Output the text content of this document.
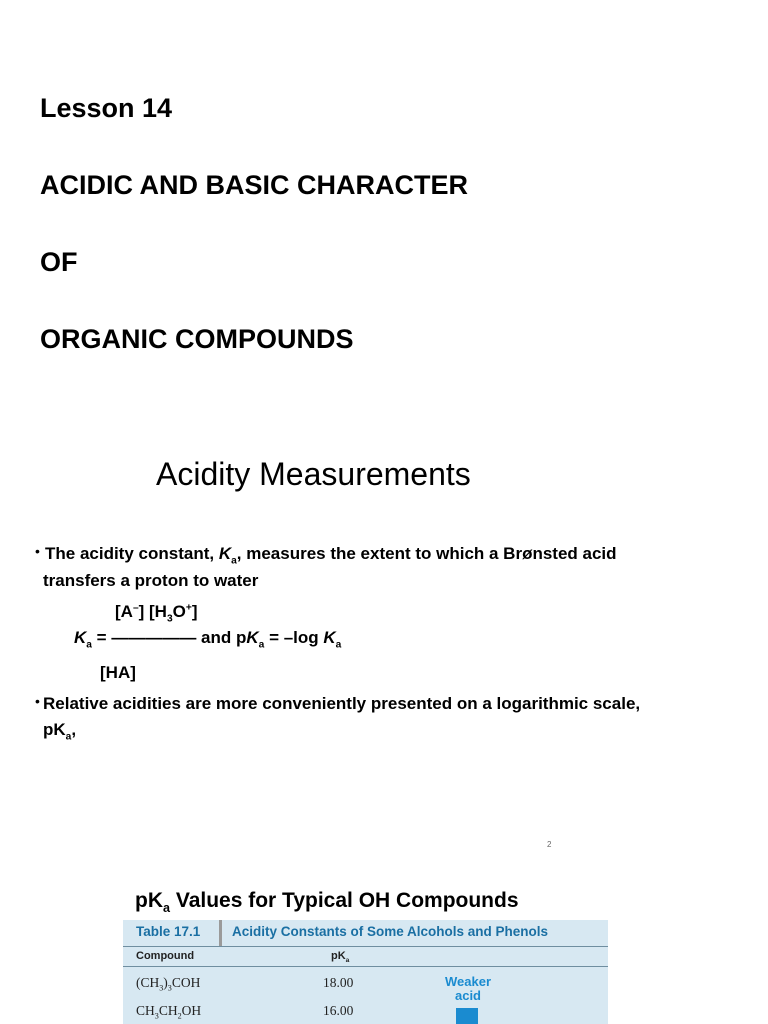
Lesson 14
ACIDIC AND BASIC CHARACTER
OF
ORGANIC COMPOUNDS
Acidity Measurements
• The acidity constant, $K_a$, measures the extent to which a Brønsted acid
transfers a proton to water
[A–] $[H_3O^+]$
$K_a$ = ————— and $pK_a = -\log$ $K_a$
[HA]
• Relative acidities are more conveniently presented on a logarithmic scale,
$pK_a$,
2
$pK_a$ Values for Typical OH Compounds
Table 17.1 Acidity Constants of Some Alcohols and Phenols
Compound	$pK_a$
$(CH_3)_3COH$	18.00
$CH_3CH_2OH$	16.00
Weaker
acid
